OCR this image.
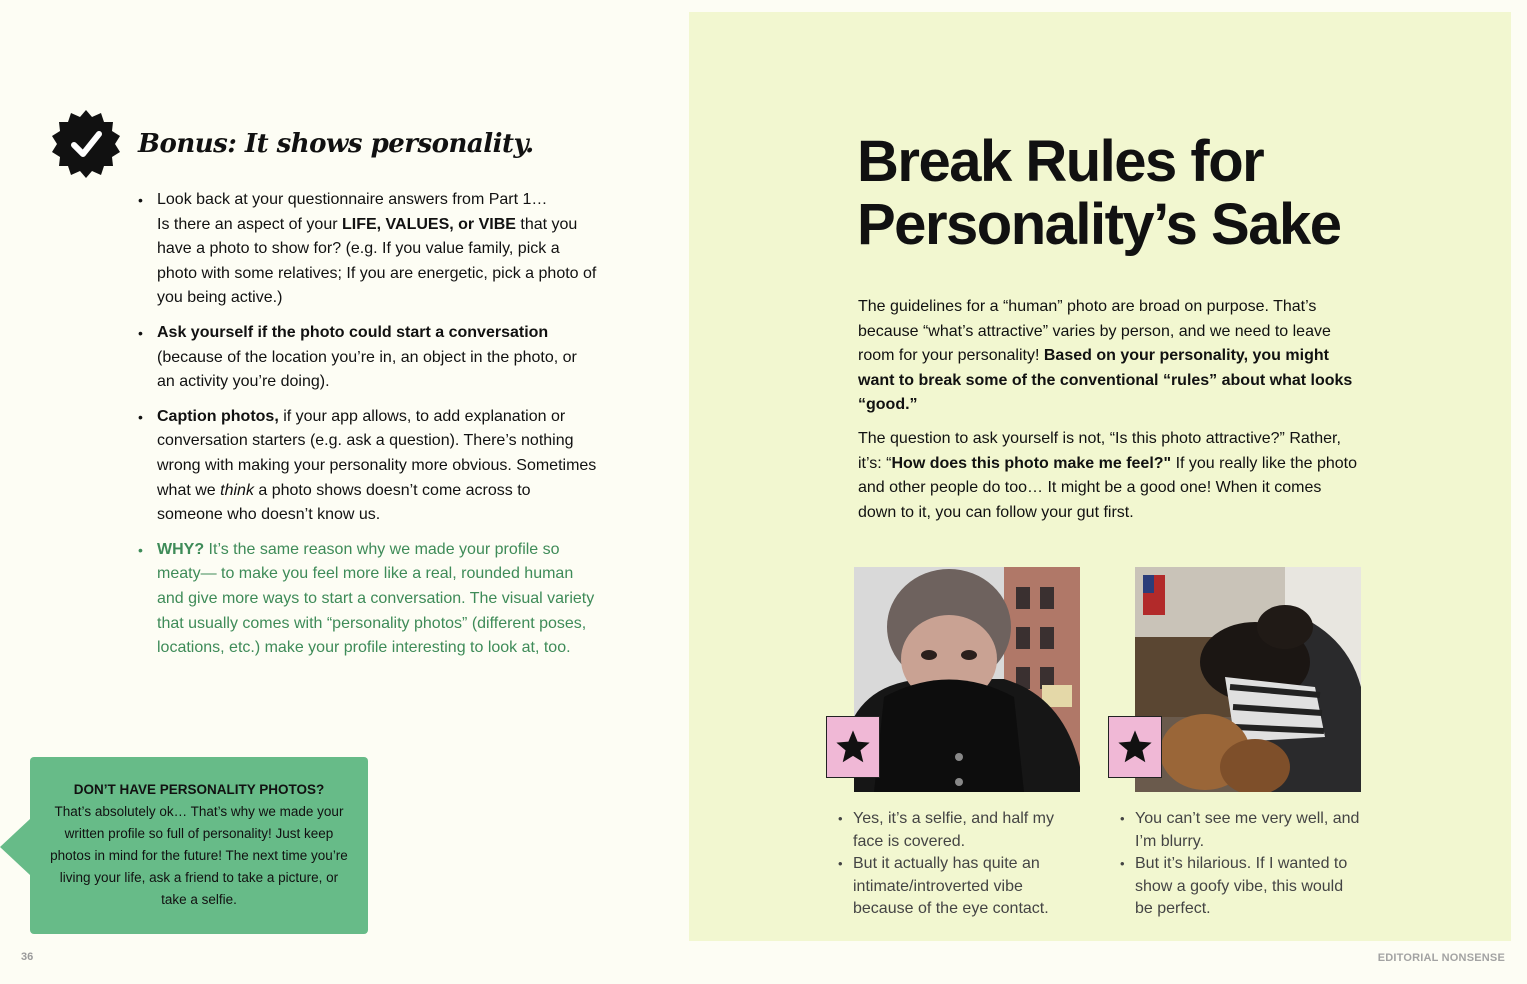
Bonus: It shows personality.
• Look back at your questionnaire answers from Part 1…
Is there an aspect of your LIFE, VALUES, or VIBE that you have a photo to show for? (e.g. If you value family, pick a photo with some relatives; If you are energetic, pick a photo of you being active.)
• Ask yourself if the photo could start a conversation (because of the location you’re in, an object in the photo, or an activity you’re doing).
• Caption photos, if your app allows, to add explanation or conversation starters (e.g. ask a question). There’s nothing wrong with making your personality more obvious. Sometimes what we think a photo shows doesn’t come across to someone who doesn’t know us.
• WHY? It’s the same reason why we made your profile so meaty— to make you feel more like a real, rounded human and give more ways to start a conversation. The visual variety that usually comes with “personality photos” (different poses, locations, etc.) make your profile interesting to look at, too.
DON’T HAVE PERSONALITY PHOTOS?
That’s absolutely ok… That’s why we made your written profile so full of personality! Just keep photos in mind for the future! The next time you’re living your life, ask a friend to take a picture, or take a selfie.
36
Break Rules for
Personality’s Sake

The guidelines for a “human” photo are broad on purpose. That’s because “what’s attractive” varies by person, and we need to leave room for your personality! Based on your personality, you might want to break some of the conventional “rules” about what looks “good.”

The question to ask yourself is not, “Is this photo attractive?” Rather, it’s: “How does this photo make me feel?" If you really like the photo and other people do too… It might be a good one! When it comes down to it, you can follow your gut first.

• Yes, it’s a selfie, and half my face is covered.
• But it actually has quite an intimate/introverted vibe because of the eye contact.
• You can’t see me very well, and I’m blurry.
• But it’s hilarious. If I wanted to show a goofy vibe, this would be perfect.
EDITORIAL NONSENSE
